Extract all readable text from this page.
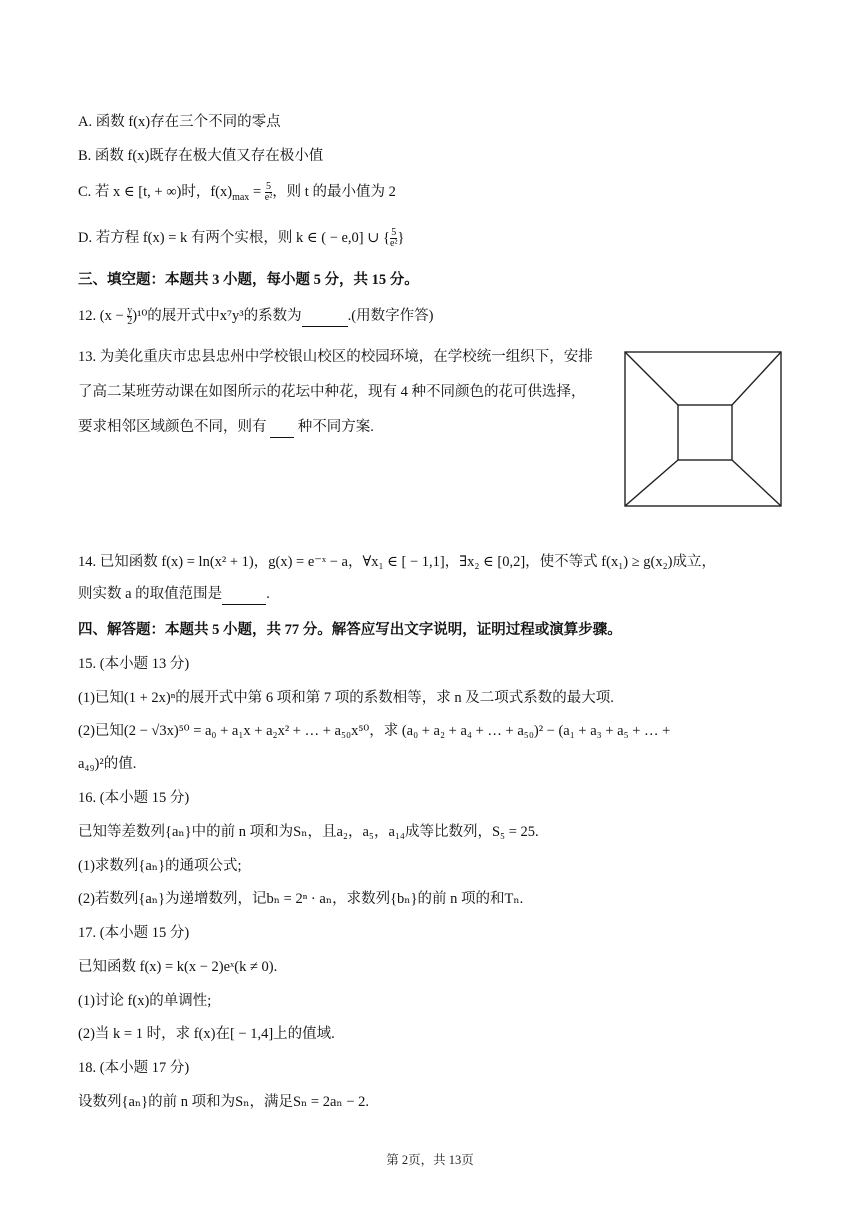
A. 函数 f(x)存在三个不同的零点
B. 函数 f(x)既存在极大值又存在极小值
C. 若 x ∈ [t, + ∞)时，$f(x)_{max} = \frac{5}{\text{e²}}$ ，则 t 的最小值为 2
D. 若方程 f(x) = k 有两个实根，则 k ∈ ( − e,0] ∪ { $\frac{5}{\text{e²}}$ }
三、填空题：本题共 3 小题，每小题 5 分，共 15 分。
12. $(x - \frac{y}{2} )^{10}$的展开式中x⁷y³的系数为	.(用数字作答)
13. 为美化重庆市忠县忠州中学校银山校区的校园环境，在学校统一组织下，安排
了高二某班劳动课在如图所示的花坛中种花，现有 4 种不同颜色的花可供选择，
要求相邻区域颜色不同，则有   种不同方案.
14. 已知函数 f(x) = ln(x² + 1)，g(x) = e⁻ˣ − a，∀x₁ ∈ [ − 1,1]，∃x₂ ∈ [0,2]，使不等式 f(x₁) ≥ g(x₂)成立，
则实数 a 的取值范围是	.
四、解答题：本题共 5 小题，共 77 分。解答应写出文字说明，证明过程或演算步骤。
15. (本小题 13 分)
(1)已知(1 + 2x)ⁿ的展开式中第 6 项和第 7 项的系数相等，求 n 及二项式系数的最大项.
(2)已知(2 − √3x)⁵⁰ = a₀ + a₁x + a₂x² + … + a₅₀x⁵⁰，求 (a₀ + a₂ + a₄ + … + a₅₀)² − (a₁ + a₃ + a₅ + … +
a₄₉)²的值.
16. (本小题 15 分)
已知等差数列{aₙ}中的前 n 项和为Sₙ，且a₂，a₅，a₁₄成等比数列，S₅ = 25.
(1)求数列{aₙ}的通项公式;
(2)若数列{aₙ}为递增数列，记bₙ = 2ⁿ · aₙ，求数列{bₙ}的前 n 项的和Tₙ.
17. (本小题 15 分)
已知函数 f(x) = k(x − 2)eˣ(k ≠ 0).
(1)讨论 f(x)的单调性;
(2)当 k = 1 时，求 f(x)在[ − 1,4]上的值域.
18. (本小题 17 分)
设数列{aₙ}的前 n 项和为Sₙ，满足Sₙ = 2aₙ − 2.
第 2页，共 13页
